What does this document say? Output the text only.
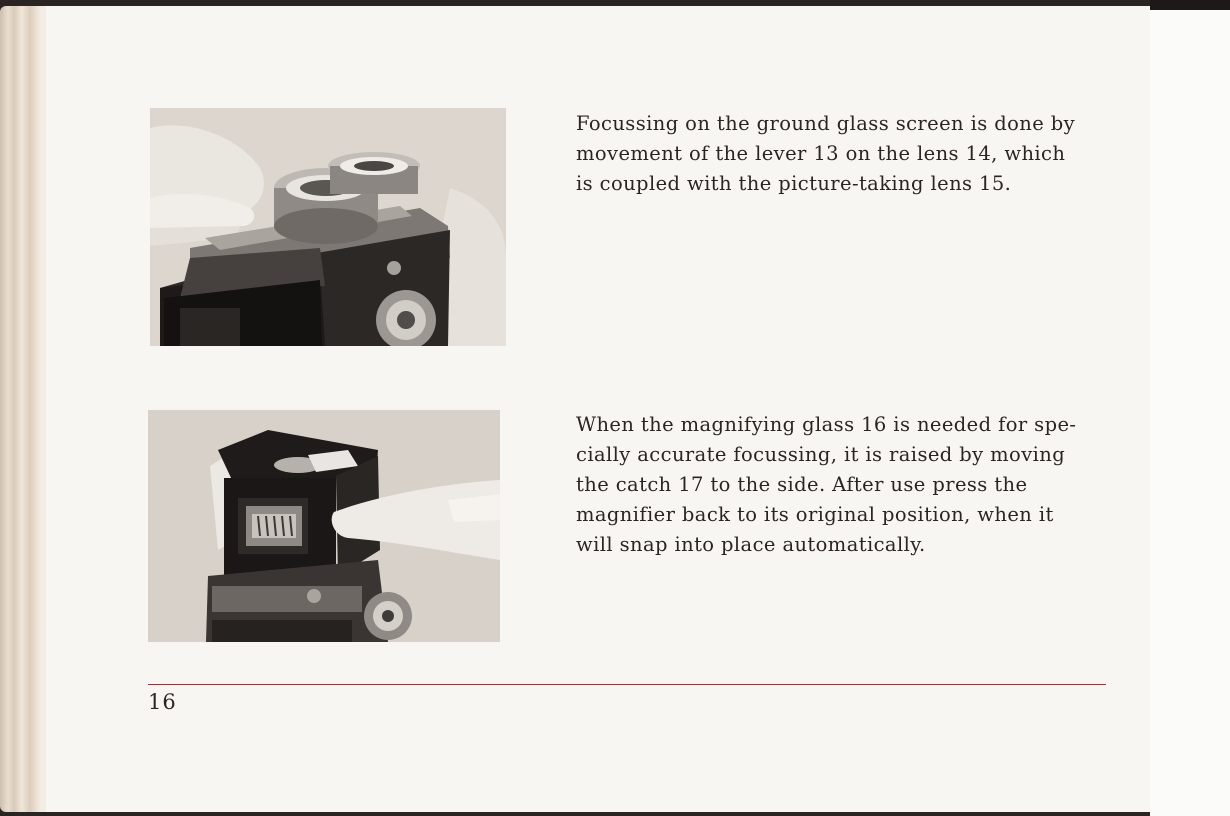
Focussing on the ground glass screen is done by
movement of the lever 13 on the lens 14, which
is coupled with the picture-taking lens 15.

When the magnifying glass 16 is needed for spe-
cially accurate focussing, it is raised by moving
the catch 17 to the side. After use press the
magnifier back to its original position, when it
will snap into place automatically.

16
